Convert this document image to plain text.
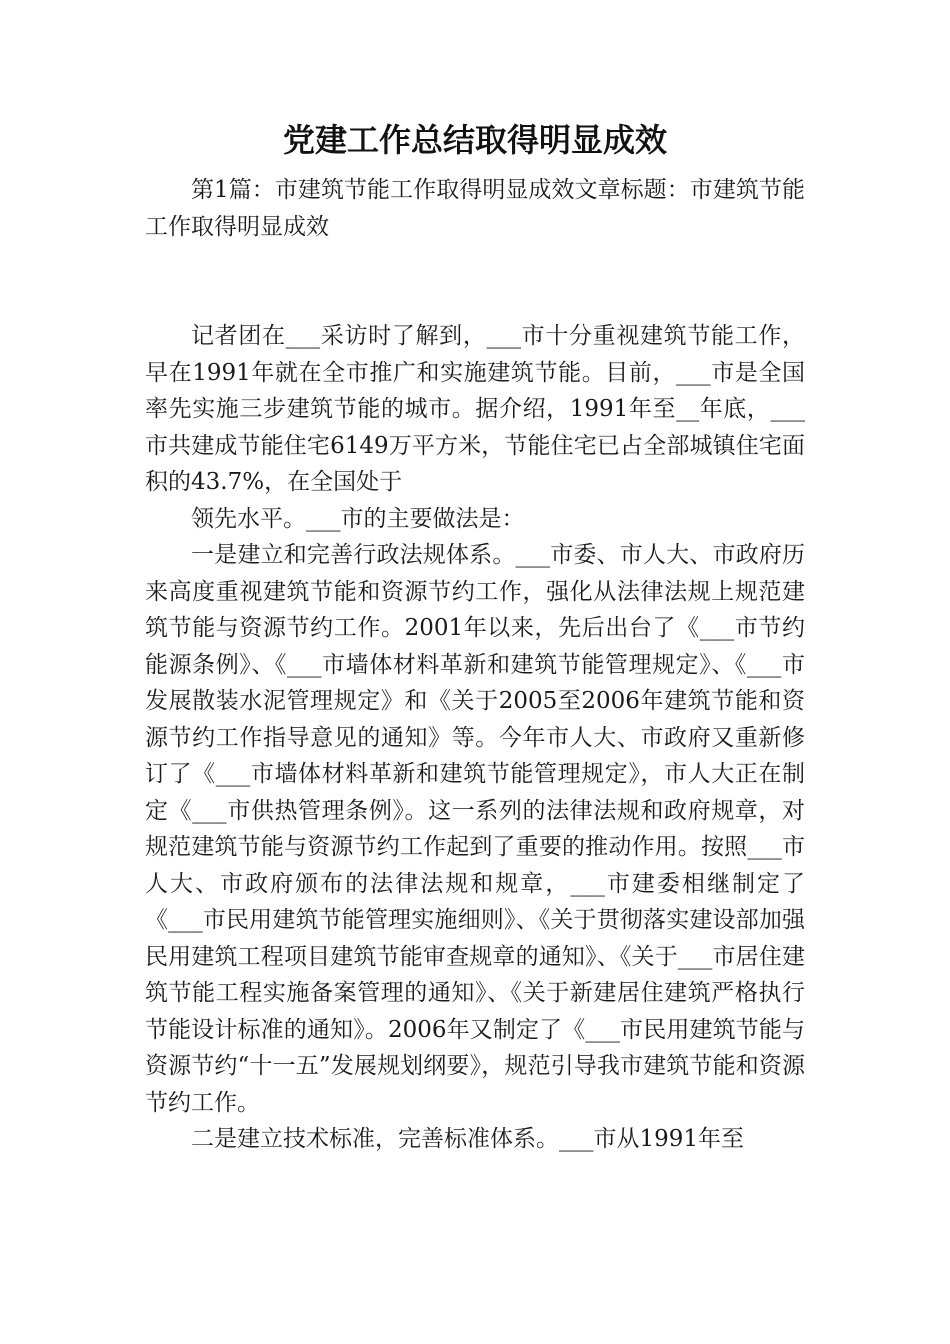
党建工作总结取得明显成效

第1篇：市建筑节能工作取得明显成效文章标题：市建筑节能工作取得明显成效

记者团在___采访时了解到，___市十分重视建筑节能工作，早在1991年就在全市推广和实施建筑节能。目前，___市是全国率先实施三步建筑节能的城市。据介绍，1991年至__年底，___市共建成节能住宅6149万平方米，节能住宅已占全部城镇住宅面积的43.7%，在全国处于

领先水平。___市的主要做法是：

一是建立和完善行政法规体系。___市委、市人大、市政府历来高度重视建筑节能和资源节约工作，强化从法律法规上规范建筑节能与资源节约工作。2001年以来，先后出台了《___市节约能源条例》、《___市墙体材料革新和建筑节能管理规定》、《___市发展散装水泥管理规定》和《关于2005至2006年建筑节能和资源节约工作指导意见的通知》等。今年市人大、市政府又重新修订了《___市墙体材料革新和建筑节能管理规定》，市人大正在制定《___市供热管理条例》。这一系列的法律法规和政府规章，对规范建筑节能与资源节约工作起到了重要的推动作用。按照___市人大、市政府颁布的法律法规和规章，___市建委相继制定了《___市民用建筑节能管理实施细则》、《关于贯彻落实建设部加强民用建筑工程项目建筑节能审查规章的通知》、《关于___市居住建筑节能工程实施备案管理的通知》、《关于新建居住建筑严格执行节能设计标准的通知》。2006年又制定了《___市民用建筑节能与资源节约“十一五”发展规划纲要》，规范引导我市建筑节能和资源节约工作。

二是建立技术标准，完善标准体系。___市从1991年至
